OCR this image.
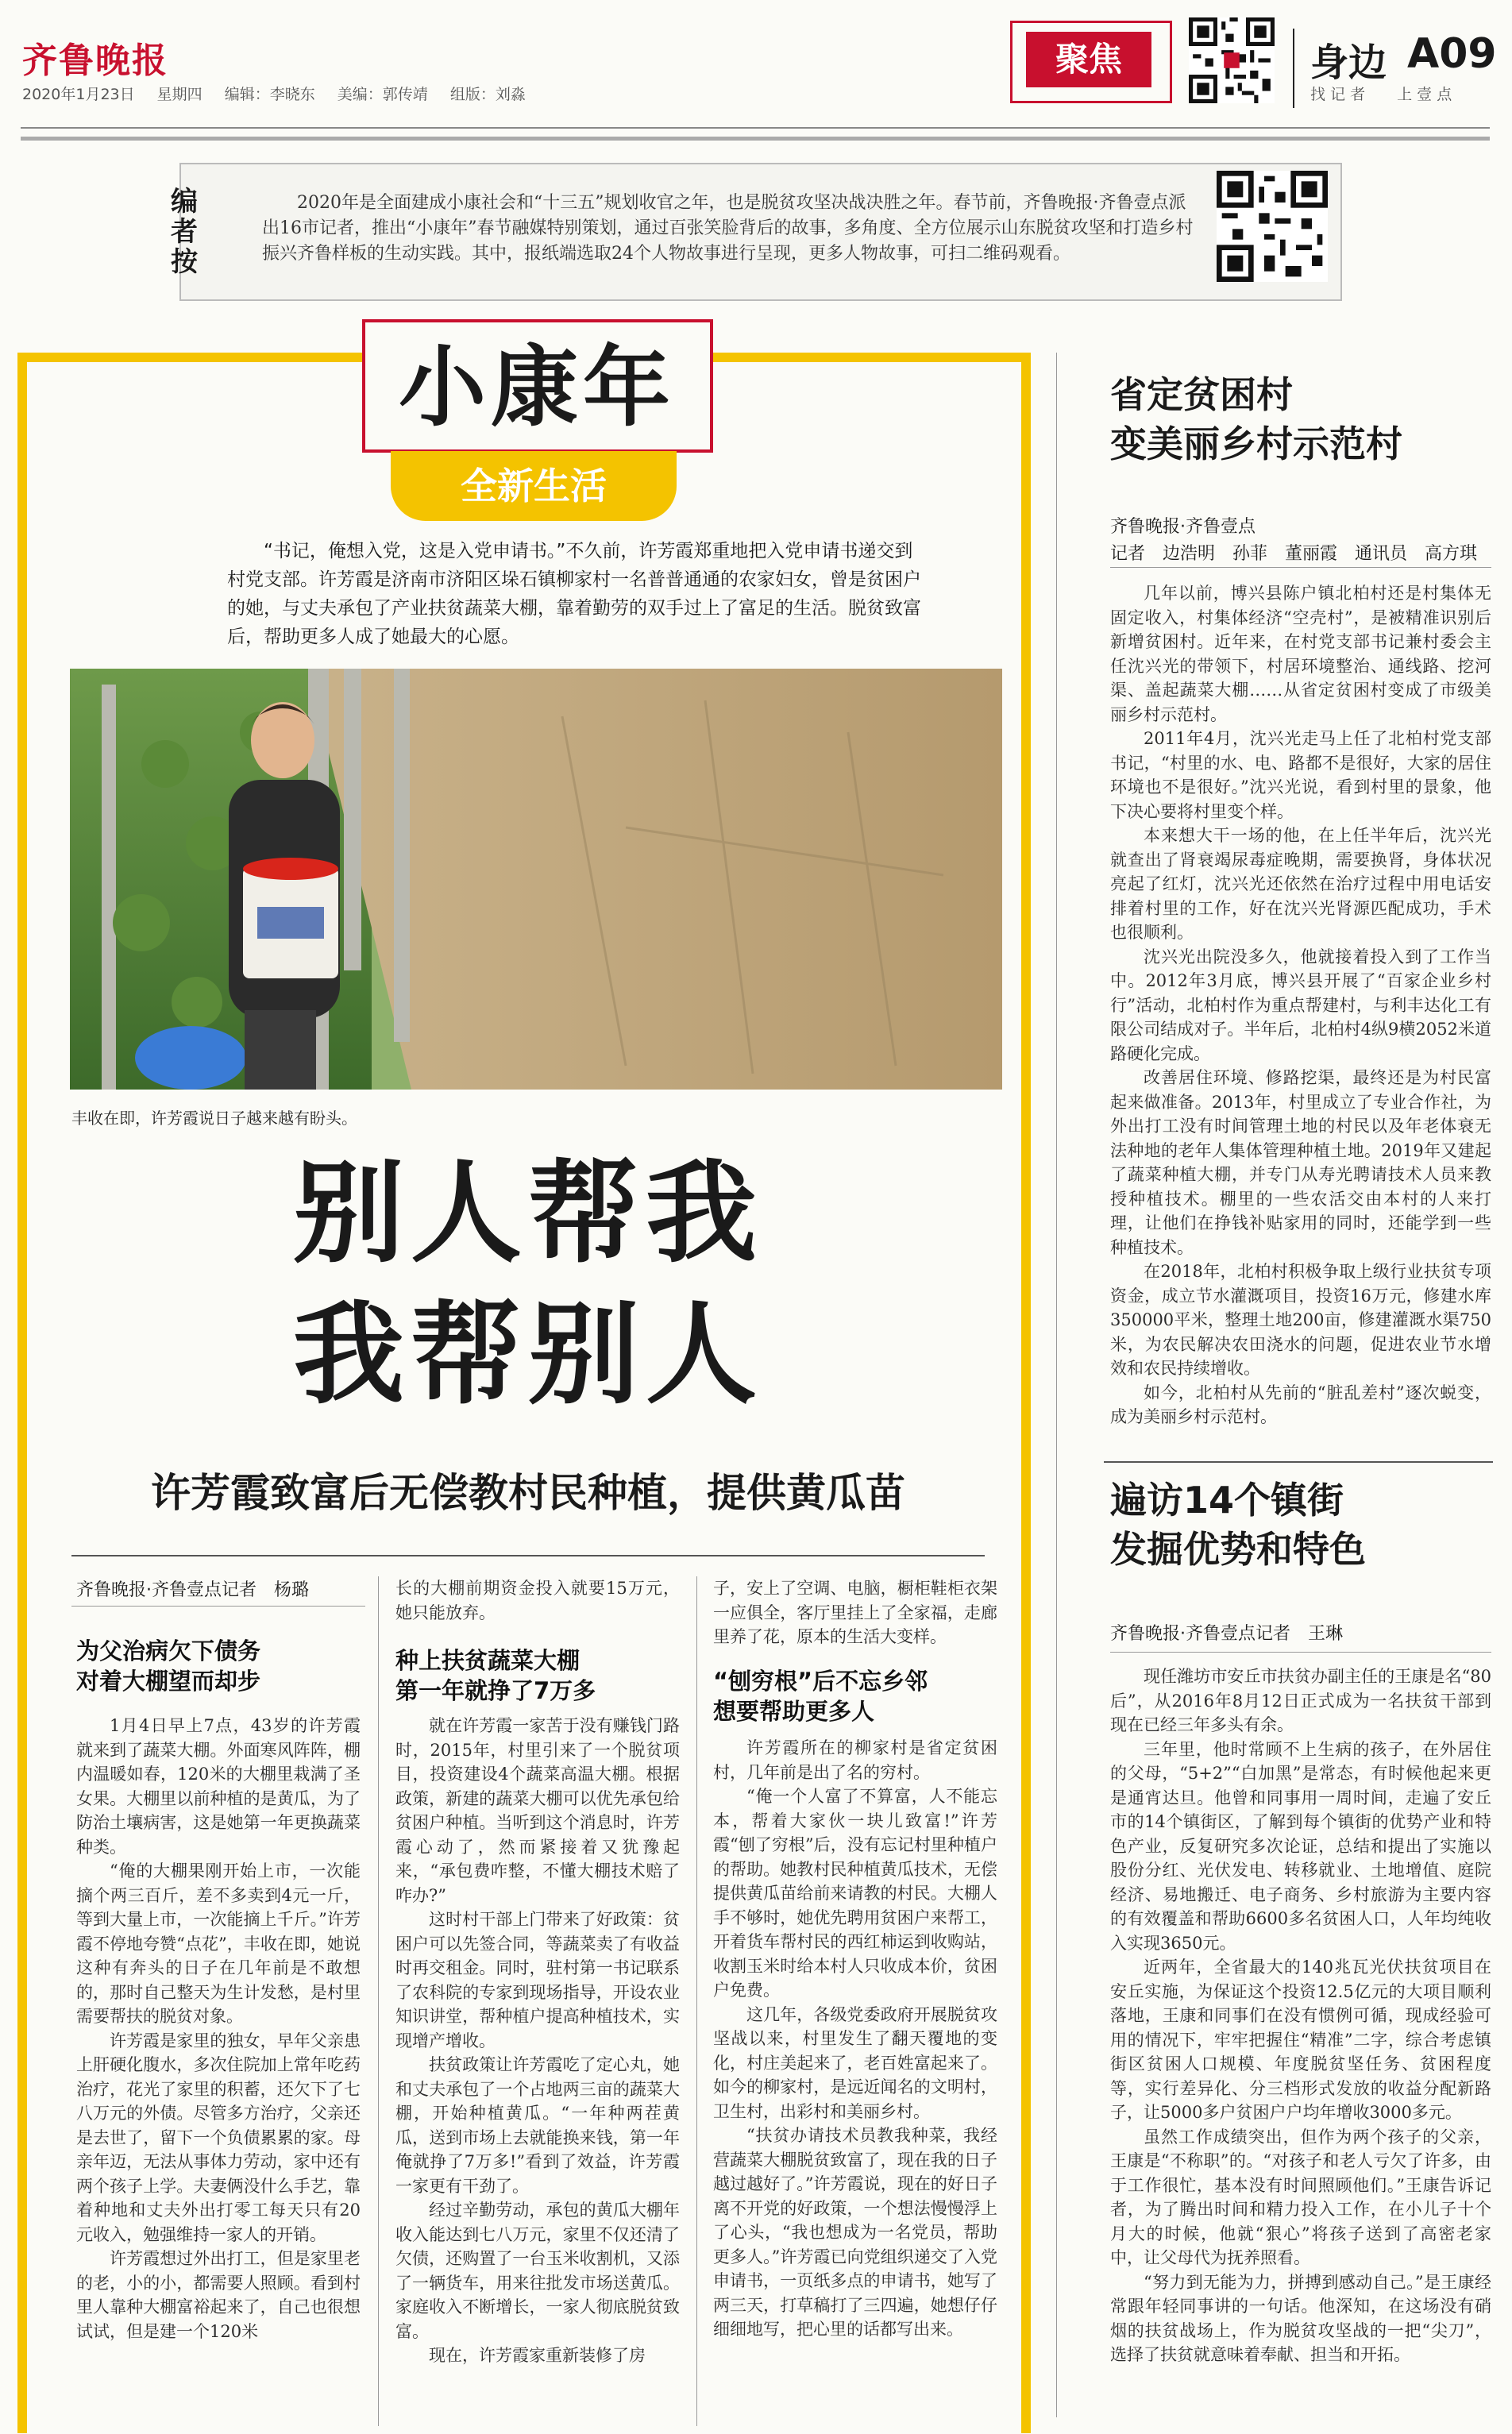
齐鲁晚报
2020年1月23日 星期四 编辑：李晓东 美编：郭传靖 组版：刘淼
聚焦	身边 A09
找 记 者 上 壹 点
编者按
2020年是全面建成小康社会和“十三五”规划收官之年，也是脱贫攻坚决战决胜之年。春节前，齐鲁晚报·齐鲁壹点派出16市记者，推出“小康年”春节融媒特别策划，通过百张笑脸背后的故事，多角度、全方位展示山东脱贫攻坚和打造乡村振兴齐鲁样板的生动实践。其中，报纸端选取24个人物故事进行呈现，更多人物故事，可扫二维码观看。
小康年
全新生活
“书记，俺想入党，这是入党申请书。”不久前，许芳霞郑重地把入党申请书递交到村党支部。许芳霞是济南市济阳区垛石镇柳家村一名普普通通的农家妇女，曾是贫困户的她，与丈夫承包了产业扶贫蔬菜大棚，靠着勤劳的双手过上了富足的生活。脱贫致富后，帮助更多人成了她最大的心愿。
丰收在即，许芳霞说日子越来越有盼头。
别人帮我
我帮别人
许芳霞致富后无偿教村民种植，提供黄瓜苗
齐鲁晚报·齐鲁壹点记者　杨璐
为父治病欠下债务
对着大棚望而却步

1月4日早上7点，43岁的许芳霞就来到了蔬菜大棚。外面寒风阵阵，棚内温暖如春，120米的大棚里栽满了圣女果。大棚里以前种植的是黄瓜，为了防治土壤病害，这是她第一年更换蔬菜种类。

“俺的大棚果刚开始上市，一次能摘个两三百斤，差不多卖到4元一斤，等到大量上市，一次能摘上千斤。”许芳霞不停地夸赞“点花”，丰收在即，她说这种有奔头的日子在几年前是不敢想的，那时自己整天为生计发愁，是村里需要帮扶的脱贫对象。

许芳霞是家里的独女，早年父亲患上肝硬化腹水，多次住院加上常年吃药治疗，花光了家里的积蓄，还欠下了七八万元的外债。尽管多方治疗，父亲还是去世了，留下一个负债累累的家。母亲年迈，无法从事体力劳动，家中还有两个孩子上学。夫妻俩没什么手艺，靠着种地和丈夫外出打零工每天只有20元收入，勉强维持一家人的开销。

许芳霞想过外出打工，但是家里老的老，小的小，都需要人照顾。看到村里人靠种大棚富裕起来了，自己也很想试试，但是建一个120米

长的大棚前期资金投入就要15万元，她只能放弃。

种上扶贫蔬菜大棚
第一年就挣了7万多

就在许芳霞一家苦于没有赚钱门路时，2015年，村里引来了一个脱贫项目，投资建设4个蔬菜高温大棚。根据政策，新建的蔬菜大棚可以优先承包给贫困户种植。当听到这个消息时，许芳霞心动了，然而紧接着又犹豫起来，“承包费咋整，不懂大棚技术赔了咋办?”

这时村干部上门带来了好政策：贫困户可以先签合同，等蔬菜卖了有收益时再交租金。同时，驻村第一书记联系了农科院的专家到现场指导，开设农业知识讲堂，帮种植户提高种植技术，实现增产增收。

扶贫政策让许芳霞吃了定心丸，她和丈夫承包了一个占地两三亩的蔬菜大棚，开始种植黄瓜。“一年种两茬黄瓜，送到市场上去就能换来钱，第一年俺就挣了7万多!”看到了效益，许芳霞一家更有干劲了。

经过辛勤劳动，承包的黄瓜大棚年收入能达到七八万元，家里不仅还清了欠债，还购置了一台玉米收割机，又添了一辆货车，用来往批发市场送黄瓜。家庭收入不断增长，一家人彻底脱贫致富。

现在，许芳霞家重新装修了房

子，安上了空调、电脑，橱柜鞋柜衣架一应俱全，客厅里挂上了全家福，走廊里养了花，原本的生活大变样。

“刨穷根”后不忘乡邻
想要帮助更多人

许芳霞所在的柳家村是省定贫困村，几年前是出了名的穷村。

“俺一个人富了不算富，人不能忘本，帮着大家伙一块儿致富!”许芳霞“刨了穷根”后，没有忘记村里种植户的帮助。她教村民种植黄瓜技术，无偿提供黄瓜苗给前来请教的村民。大棚人手不够时，她优先聘用贫困户来帮工，开着货车帮村民的西红柿运到收购站，收割玉米时给本村人只收成本价，贫困户免费。

这几年，各级党委政府开展脱贫攻坚战以来，村里发生了翻天覆地的变化，村庄美起来了，老百姓富起来了。如今的柳家村，是远近闻名的文明村，卫生村，出彩村和美丽乡村。

“扶贫办请技术员教我种菜，我经营蔬菜大棚脱贫致富了，现在我的日子越过越好了。”许芳霞说，现在的好日子离不开党的好政策，一个想法慢慢浮上了心头，“我也想成为一名党员，帮助更多人。”许芳霞已向党组织递交了入党申请书，一页纸多点的申请书，她写了两三天，打草稿打了三四遍，她想仔仔细细地写，把心里的话都写出来。

省定贫困村
变美丽乡村示范村
齐鲁晚报·齐鲁壹点
记者　边浩明　孙菲　董丽霞　通讯员　高方琪

几年以前，博兴县陈户镇北柏村还是村集体无固定收入，村集体经济“空壳村”，是被精准识别后新增贫困村。近年来，在村党支部书记兼村委会主任沈兴光的带领下，村居环境整治、通线路、挖河渠、盖起蔬菜大棚……从省定贫困村变成了市级美丽乡村示范村。

2011年4月，沈兴光走马上任了北柏村党支部书记，“村里的水、电、路都不是很好，大家的居住环境也不是很好。”沈兴光说，看到村里的景象，他下决心要将村里变个样。

本来想大干一场的他，在上任半年后，沈兴光就查出了肾衰竭尿毒症晚期，需要换肾，身体状况亮起了红灯，沈兴光还依然在治疗过程中用电话安排着村里的工作，好在沈兴光肾源匹配成功，手术也很顺利。

沈兴光出院没多久，他就接着投入到了工作当中。2012年3月底，博兴县开展了“百家企业乡村行”活动，北柏村作为重点帮建村，与利丰达化工有限公司结成对子。半年后，北柏村4纵9横2052米道路硬化完成。

改善居住环境、修路挖渠，最终还是为村民富起来做准备。2013年，村里成立了专业合作社，为外出打工没有时间管理土地的村民以及年老体衰无法种地的老年人集体管理种植土地。2019年又建起了蔬菜种植大棚，并专门从寿光聘请技术人员来教授种植技术。棚里的一些农活交由本村的人来打理，让他们在挣钱补贴家用的同时，还能学到一些种植技术。

在2018年，北柏村积极争取上级行业扶贫专项资金，成立节水灌溉项目，投资16万元，修建水库350000平米，整理土地200亩，修建灌溉水渠750米，为农民解决农田浇水的问题，促进农业节水增效和农民持续增收。

如今，北柏村从先前的“脏乱差村”逐次蜕变，成为美丽乡村示范村。

遍访14个镇街
发掘优势和特色
齐鲁晚报·齐鲁壹点记者　王琳

现任潍坊市安丘市扶贫办副主任的王康是名“80后”，从2016年8月12日正式成为一名扶贫干部到现在已经三年多头有余。

三年里，他时常顾不上生病的孩子，在外居住的父母，“5+2”“白加黑”是常态，有时候他起来更是通宵达旦。他曾和同事用一周时间，走遍了安丘市的14个镇街区，了解到每个镇街的优势产业和特色产业，反复研究多次论证，总结和提出了实施以股份分红、光伏发电、转移就业、土地增值、庭院经济、易地搬迁、电子商务、乡村旅游为主要内容的有效覆盖和帮助6600多名贫困人口，人年均纯收入实现3650元。

近两年，全省最大的140兆瓦光伏扶贫项目在安丘实施，为保证这个投资12.5亿元的大项目顺利落地，王康和同事们在没有惯例可循，现成经验可用的情况下，牢牢把握住“精准”二字，综合考虑镇街区贫困人口规模、年度脱贫坚任务、贫困程度等，实行差异化、分三档形式发放的收益分配新路子，让5000多户贫困户户均年增收3000多元。

虽然工作成绩突出，但作为两个孩子的父亲，王康是“不称职”的。“对孩子和老人亏欠了许多，由于工作很忙，基本没有时间照顾他们。”王康告诉记者，为了腾出时间和精力投入工作，在小儿子十个月大的时候，他就“狠心”将孩子送到了高密老家中，让父母代为抚养照看。

“努力到无能为力，拼搏到感动自己。”是王康经常跟年轻同事讲的一句话。他深知，在这场没有硝烟的扶贫战场上，作为脱贫攻坚战的一把“尖刀”，选择了扶贫就意味着奉献、担当和开拓。
